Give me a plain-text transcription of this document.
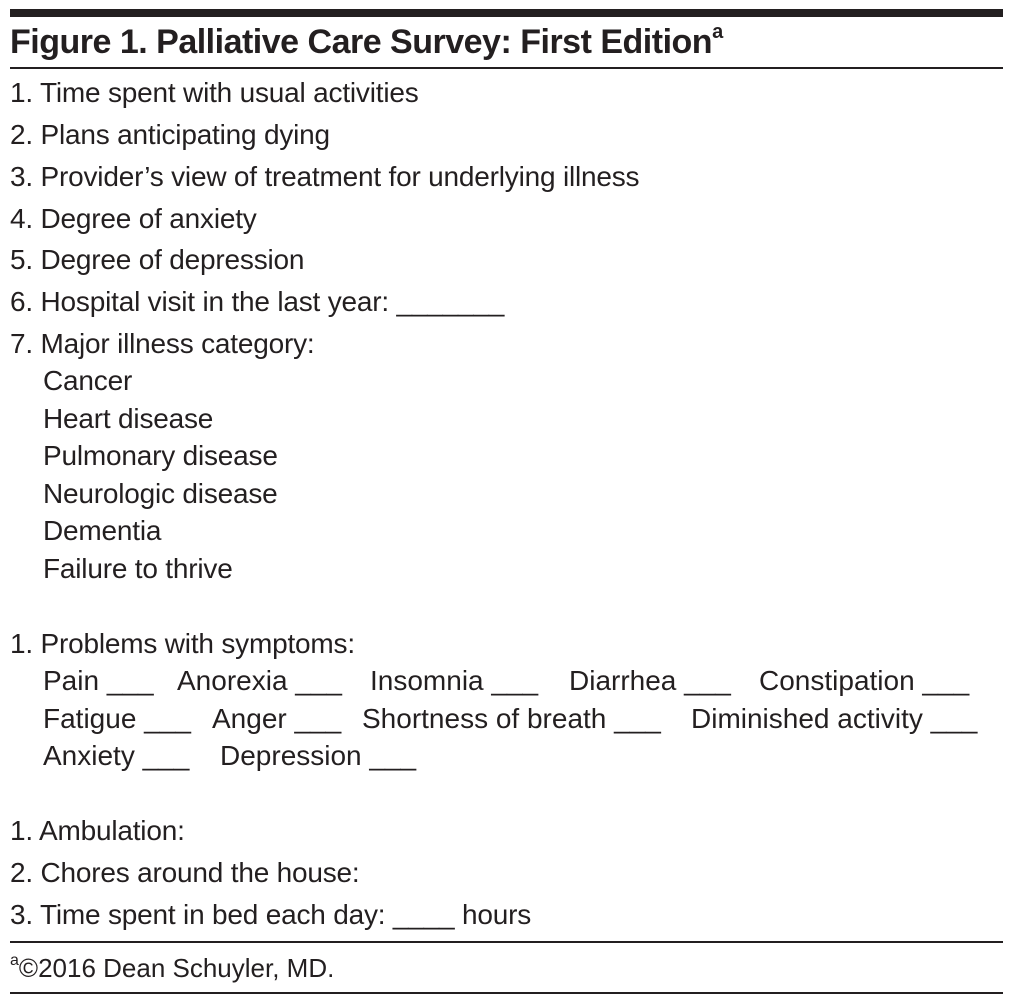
Figure 1. Palliative Care Survey: First Edition$^a$
1. Time spent with usual activities
2. Plans anticipating dying
3. Provider’s view of treatment for underlying illness
4. Degree of anxiety
5. Degree of depression
6. Hospital visit in the last year: _______
7. Major illness category:
Cancer
Heart disease
Pulmonary disease
Neurologic disease
Dementia
Failure to thrive
1. Problems with symptoms:
Pain ___ Anorexia ___ Insomnia ___ Diarrhea ___ Constipation ___
Fatigue ___ Anger ___ Shortness of breath ___ Diminished activity ___
Anxiety ___ Depression ___
1. Ambulation:
2. Chores around the house:
3. Time spent in bed each day: ____ hours
$^a$©2016 Dean Schuyler, MD.
